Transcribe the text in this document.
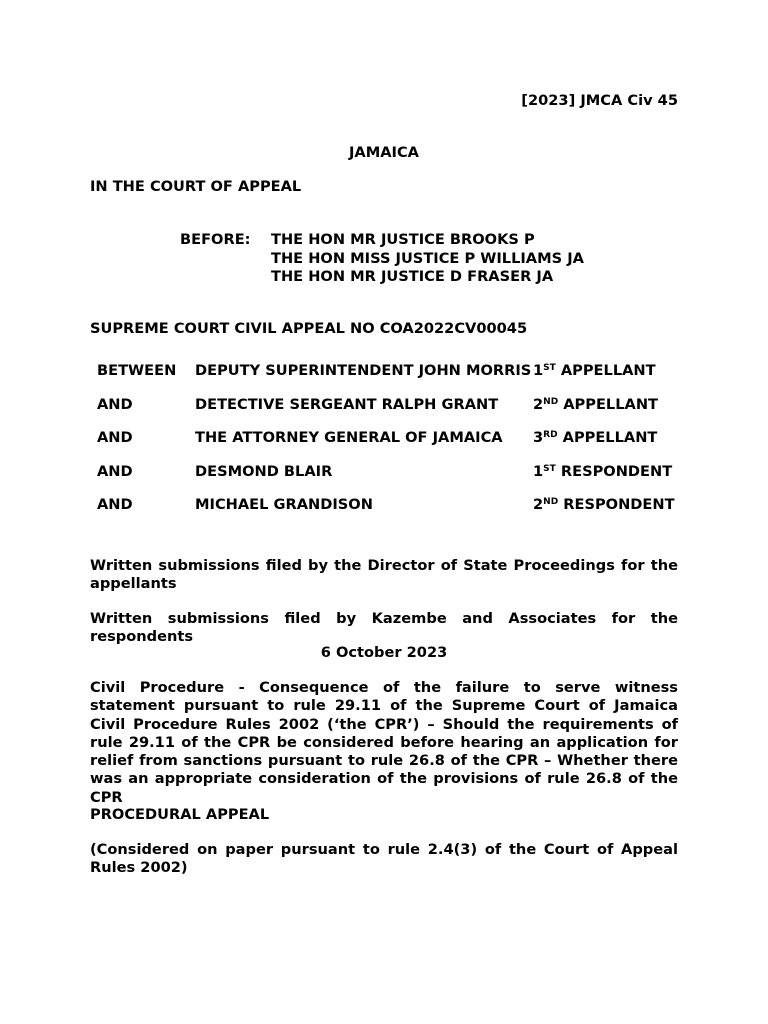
[2023] JMCA Civ 45
JAMAICA
IN THE COURT OF APPEAL
BEFORE: THE HON MR JUSTICE BROOKS P
THE HON MISS JUSTICE P WILLIAMS JA
THE HON MR JUSTICE D FRASER JA
SUPREME COURT CIVIL APPEAL NO COA2022CV00045
BETWEEN DEPUTY SUPERINTENDENT JOHN MORRIS 1ST APPELLANT
AND	DETECTIVE SERGEANT RALPH GRANT 2ND APPELLANT
AND	THE ATTORNEY GENERAL OF JAMAICA 3RD APPELLANT
AND	DESMOND BLAIR	1ST RESPONDENT
AND	MICHAEL GRANDISON	2ND RESPONDENT
Written submissions filed by the Director of State Proceedings for the appellants
Written submissions filed by Kazembe and Associates for the respondents
6 October 2023
Civil Procedure - Consequence of the failure to serve witness statement pursuant to rule 29.11 of the Supreme Court of Jamaica Civil Procedure Rules 2002 (‘the CPR’) – Should the requirements of rule 29.11 of the CPR be considered before hearing an application for relief from sanctions pursuant to rule 26.8 of the CPR – Whether there was an appropriate consideration of the provisions of rule 26.8 of the CPR
PROCEDURAL APPEAL
(Considered on paper pursuant to rule 2.4(3) of the Court of Appeal Rules 2002)
